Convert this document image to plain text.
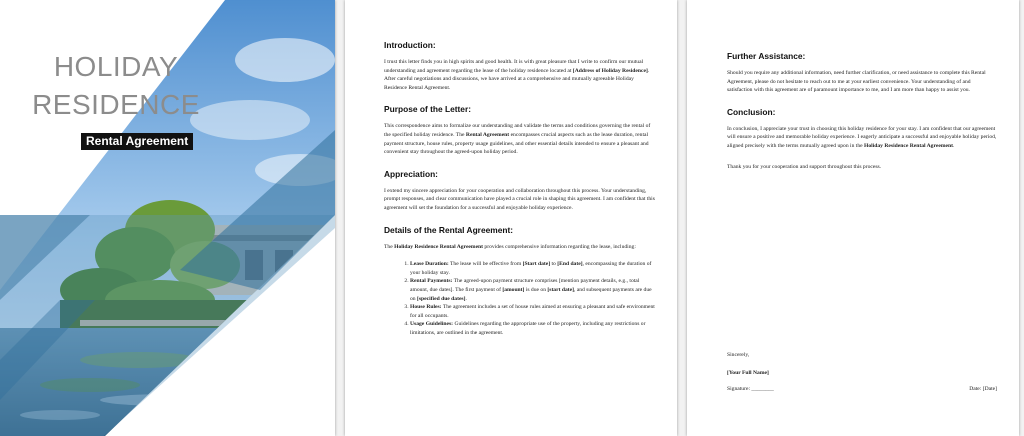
HOLIDAY
RESIDENCE
Rental Agreement
Introduction:

I trust this letter finds you in high spirits and good health. It is with great pleasure that I write to confirm our mutual understanding and agreement regarding the lease of the holiday residence located at [Address of Holiday Residence]. After careful negotiations and discussions, we have arrived at a comprehensive and mutually agreeable Holiday Residence Rental Agreement.

Purpose of the Letter:

This correspondence aims to formalize our understanding and validate the terms and conditions governing the rental of the specified holiday residence. The Rental Agreement encompasses crucial aspects such as the lease duration, rental payment structure, house rules, property usage guidelines, and other essential details intended to ensure a pleasant and convenient stay throughout the agreed-upon holiday period.

Appreciation:

I extend my sincere appreciation for your cooperation and collaboration throughout this process. Your understanding, prompt responses, and clear communication have played a crucial role in shaping this agreement. I am confident that this agreement will set the foundation for a successful and enjoyable holiday experience.

Details of the Rental Agreement:

The Holiday Residence Rental Agreement provides comprehensive information regarding the lease, including:

1. Lease Duration: The lease will be effective from [Start date] to [End date], encompassing the duration of your holiday stay.
2. Rental Payments: The agreed-upon payment structure comprises [mention payment details, e.g., total amount, due dates]. The first payment of [amount] is due on [start date], and subsequent payments are due on [specified due dates].
3. House Rules: The agreement includes a set of house rules aimed at ensuring a pleasant and safe environment for all occupants.
4. Usage Guidelines: Guidelines regarding the appropriate use of the property, including any restrictions or limitations, are outlined in the agreement.
Further Assistance:

Should you require any additional information, need further clarification, or need assistance to complete this Rental Agreement, please do not hesitate to reach out to me at your earliest convenience. Your understanding of and satisfaction with this agreement are of paramount importance to me, and I am more than happy to assist you.

Conclusion:

In conclusion, I appreciate your trust in choosing this holiday residence for your stay. I am confident that our agreement will ensure a positive and memorable holiday experience. I eagerly anticipate a successful and enjoyable holiday period, aligned precisely with the terms mutually agreed upon in the Holiday Residence Rental Agreement.

Thank you for your cooperation and support throughout this process.

Sincerely,

[Your Full Name]

Signature: ________	Date: [Date]
